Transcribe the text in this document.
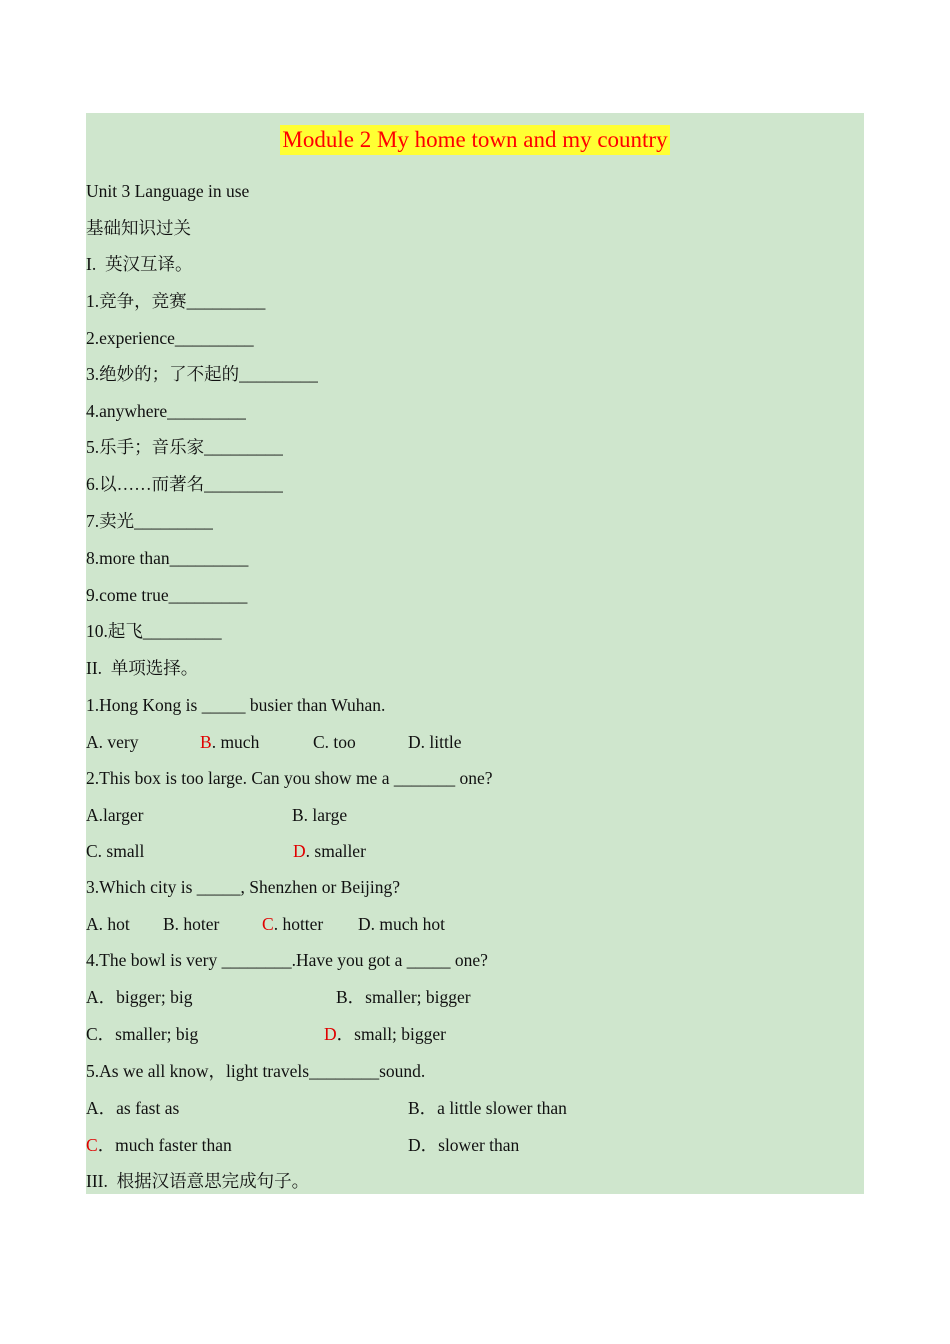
Module 2 My home town and my country
Unit 3 Language in use
基础知识过关
I.  英汉互译。
1.竞争，竞赛_________
2.experience_________
3.绝妙的；了不起的_________
4.anywhere_________
5.乐手；音乐家_________
6.以……而著名_________
7.卖光_________
8.more than_________
9.come true_________
10.起飞_________
II.  单项选择。
1.Hong Kong is _____ busier than Wuhan.
A. very	B. much	C. too	D. little
2.This box is too large. Can you show me a _______ one?
A.larger	B. large
C. small	D. smaller
3.Which city is _____, Shenzhen or Beijing?
A. hot B. hoter C. hotter D. much hot
4.The bowl is very ________.Have you got a _____ one?
A．bigger; big	B．smaller; bigger
C．smaller; big	D．small; bigger
5.As we all know，light travels________sound.
A．as fast as	B．a little slower than
C．much faster than	D．slower than
III.  根据汉语意思完成句子。
